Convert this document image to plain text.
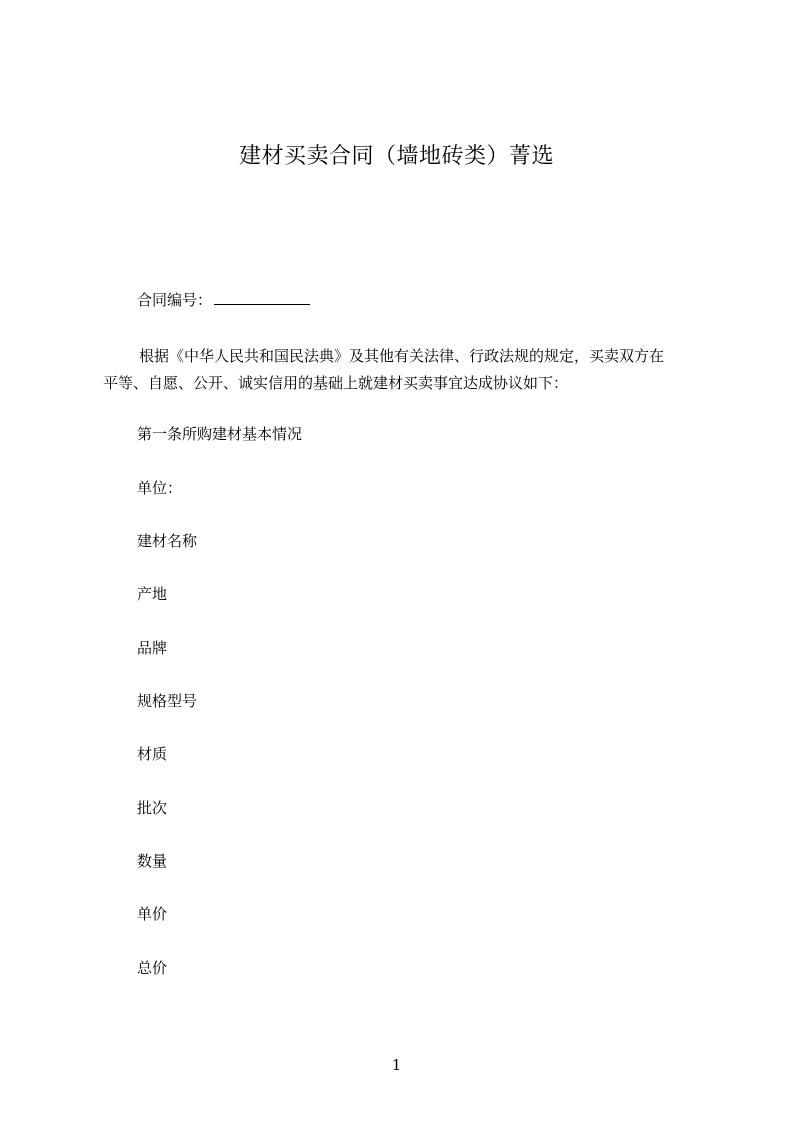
建材买卖合同（墙地砖类）菁选
合同编号：
根据《中华人民共和国民法典》及其他有关法律、行政法规的规定，买卖双方在
平等、自愿、公开、诚实信用的基础上就建材买卖事宜达成协议如下：
第一条所购建材基本情况
单位：
建材名称
产地
品牌
规格型号
材质
批次
数量
单价
总价
1
